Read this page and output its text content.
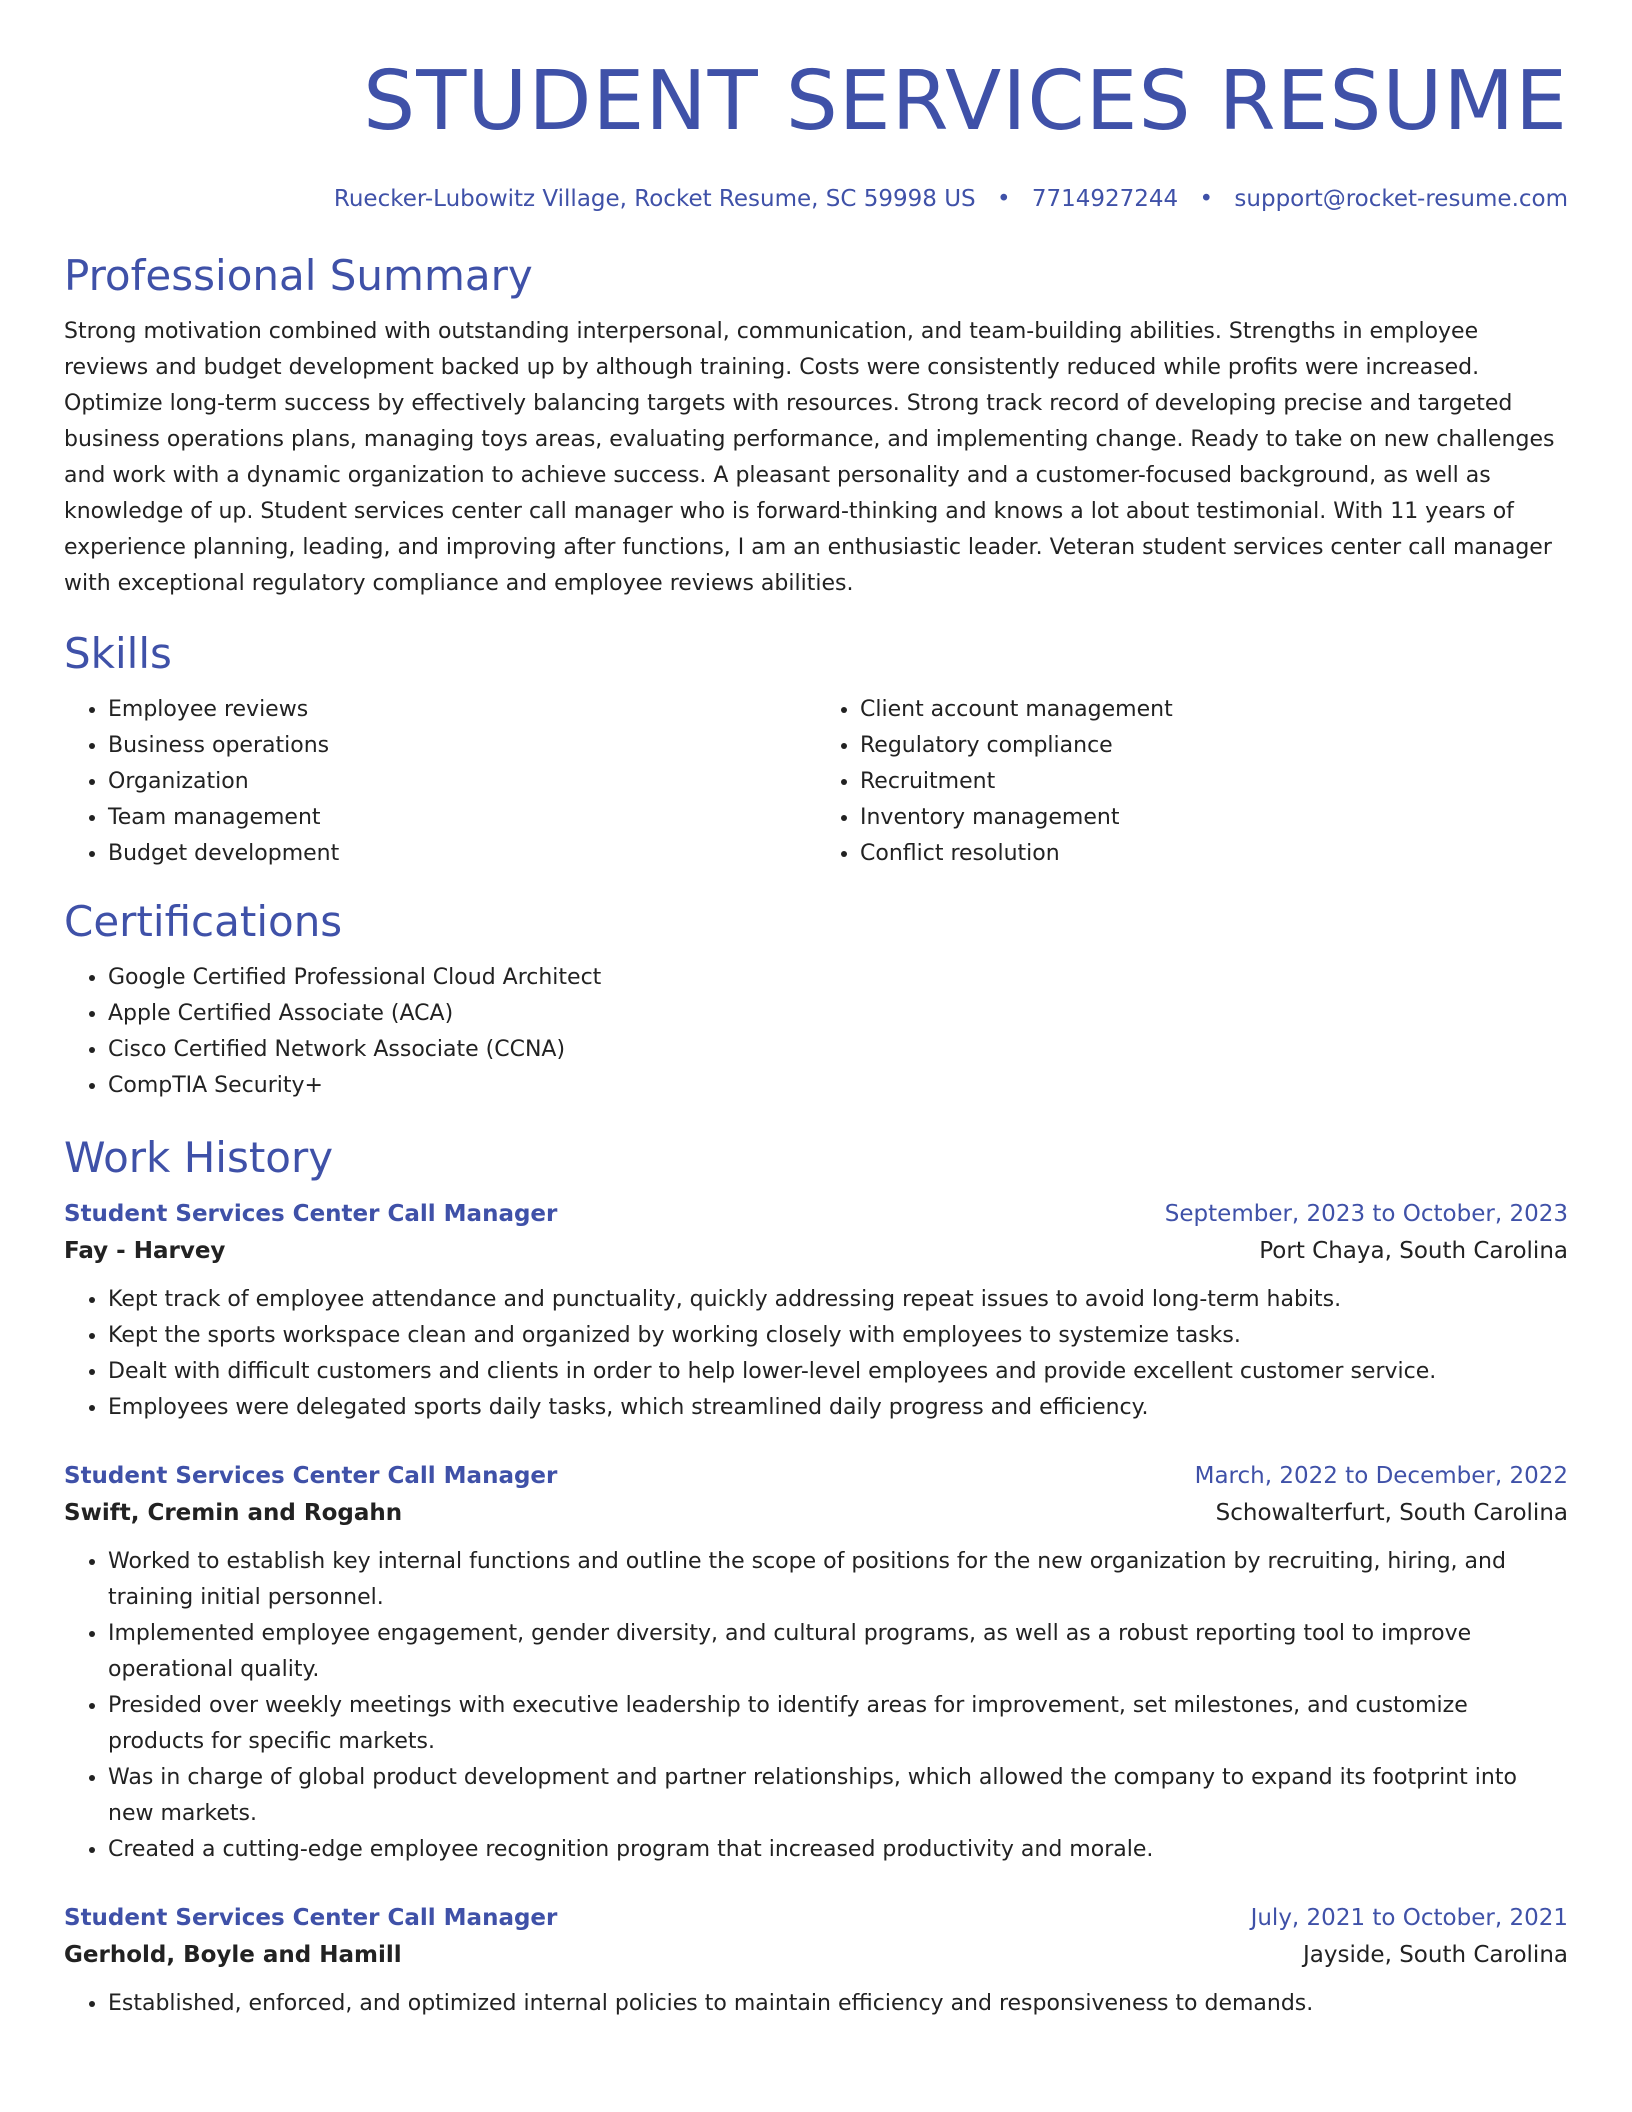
STUDENT SERVICES RESUME
Ruecker-Lubowitz Village, Rocket Resume, SC 59998 US • 7714927244 • support@rocket-resume.com
Professional Summary

Strong motivation combined with outstanding interpersonal, communication, and team-building abilities. Strengths in employee reviews and budget development backed up by although training. Costs were consistently reduced while profits were increased. Optimize long-term success by effectively balancing targets with resources. Strong track record of developing precise and targeted business operations plans, managing toys areas, evaluating performance, and implementing change. Ready to take on new challenges and work with a dynamic organization to achieve success. A pleasant personality and a customer-focused background, as well as knowledge of up. Student services center call manager who is forward-thinking and knows a lot about testimonial. With 11 years of experience planning, leading, and improving after functions, I am an enthusiastic leader. Veteran student services center call manager with exceptional regulatory compliance and employee reviews abilities.

Skills
• Employee reviews
• Business operations
• Organization
• Team management
• Budget development
• Client account management
• Regulatory compliance
• Recruitment
• Inventory management
• Conflict resolution
Certifications
• Google Certified Professional Cloud Architect
• Apple Certified Associate (ACA)
• Cisco Certified Network Associate (CCNA)
• CompTIA Security+
Work History
Student Services Center Call Manager	September, 2023 to October, 2023
Fay - Harvey	Port Chaya, South Carolina
• Kept track of employee attendance and punctuality, quickly addressing repeat issues to avoid long-term habits.
• Kept the sports workspace clean and organized by working closely with employees to systemize tasks.
• Dealt with difficult customers and clients in order to help lower-level employees and provide excellent customer service.
• Employees were delegated sports daily tasks, which streamlined daily progress and efficiency.
Student Services Center Call Manager	March, 2022 to December, 2022
Swift, Cremin and Rogahn	Schowalterfurt, South Carolina
• Worked to establish key internal functions and outline the scope of positions for the new organization by recruiting, hiring, and training initial personnel.
• Implemented employee engagement, gender diversity, and cultural programs, as well as a robust reporting tool to improve operational quality.
• Presided over weekly meetings with executive leadership to identify areas for improvement, set milestones, and customize products for specific markets.
• Was in charge of global product development and partner relationships, which allowed the company to expand its footprint into new markets.
• Created a cutting-edge employee recognition program that increased productivity and morale.
Student Services Center Call Manager	July, 2021 to October, 2021
Gerhold, Boyle and Hamill	Jayside, South Carolina
• Established, enforced, and optimized internal policies to maintain efficiency and responsiveness to demands.
